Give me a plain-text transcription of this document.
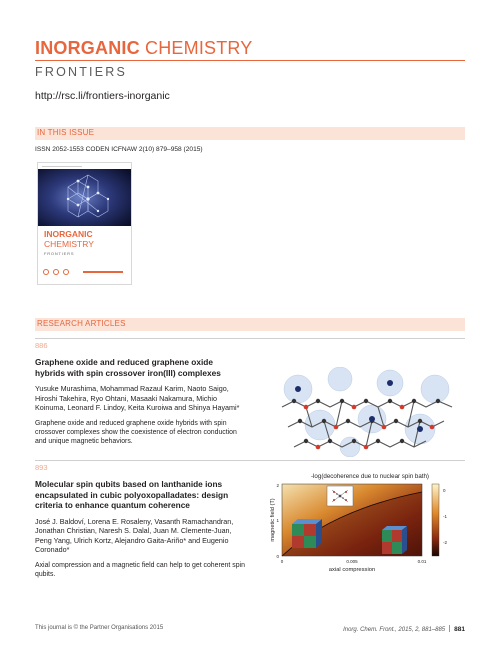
INORGANIC CHEMISTRY
FRONTIERS
http://rsc.li/frontiers-inorganic
IN THIS ISSUE
ISSN 2052-1553 CODEN ICFNAW 2(10) 879–958 (2015)
INORGANIC
CHEMISTRY
FRONTIERS
RESEARCH ARTICLES
886
Graphene oxide and reduced graphene oxide hybrids with spin crossover iron(III) complexes
Yusuke Murashima, Mohammad Razaul Karim, Naoto Saigo, Hiroshi Takehira, Ryo Ohtani, Masaaki Nakamura, Michio Koinuma, Leonard F. Lindoy, Keita Kuroiwa and Shinya Hayami*
Graphene oxide and reduced graphene oxide hybrids with spin crossover complexes show the coexistence of electron conduction and unique magnetic behaviors.
893
Molecular spin qubits based on lanthanide ions encapsulated in cubic polyoxopalladates: design criteria to enhance quantum coherence
José J. Baldoví, Lorena E. Rosaleny, Vasanth Ramachandran, Jonathan Christian, Naresh S. Dalal, Juan M. Clemente-Juan, Peng Yang, Ulrich Kortz, Alejandro Gaita-Ariño* and Eugenio Coronado*
Axial compression and a magnetic field can help to get coherent spin qubits.
-log(decoherence due to nuclear spin bath)
magnetic field (T)
0
1
2
0	0.005	0.01
axial compression
0
-1
-2
This journal is © the Partner Organisations 2015	Inorg. Chem. Front., 2015, 2, 881–885 881
